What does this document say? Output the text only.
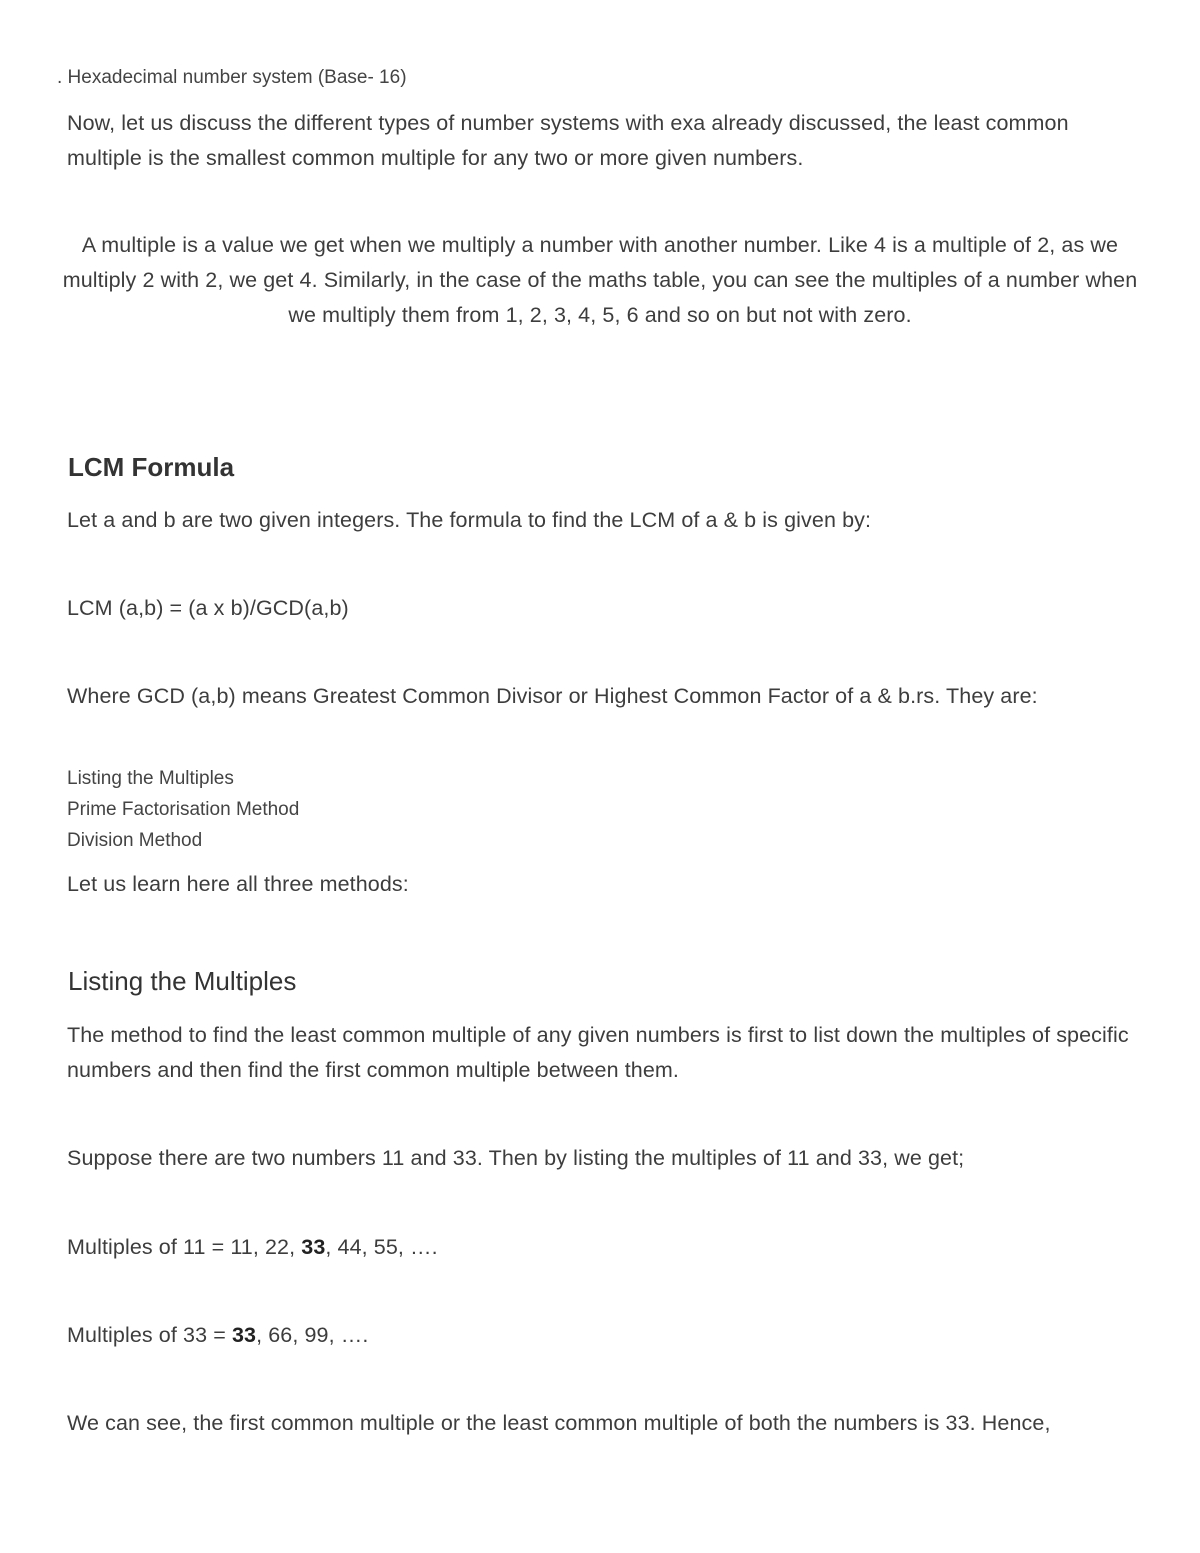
. Hexadecimal number system (Base- 16)
Now, let us discuss the different types of number systems with exa already discussed, the least common multiple is the smallest common multiple for any two or more given numbers.
A multiple is a value we get when we multiply a number with another number. Like 4 is a multiple of 2, as we multiply 2 with 2, we get 4. Similarly, in the case of the maths table, you can see the multiples of a number when we multiply them from 1, 2, 3, 4, 5, 6 and so on but not with zero.
LCM Formula
Let a and b are two given integers. The formula to find the LCM of a & b is given by:
LCM (a,b) = (a x b)/GCD(a,b)
Where GCD (a,b) means Greatest Common Divisor or Highest Common Factor of a & b.rs. They are:
Listing the Multiples
Prime Factorisation Method
Division Method
Let us learn here all three methods:
Listing the Multiples
The method to find the least common multiple of any given numbers is first to list down the multiples of specific numbers and then find the first common multiple between them.
Suppose there are two numbers 11 and 33. Then by listing the multiples of 11 and 33, we get;
Multiples of 11 = 11, 22, 33, 44, 55, ….
Multiples of 33 = 33, 66, 99, ….
We can see, the first common multiple or the least common multiple of both the numbers is 33. Hence,
